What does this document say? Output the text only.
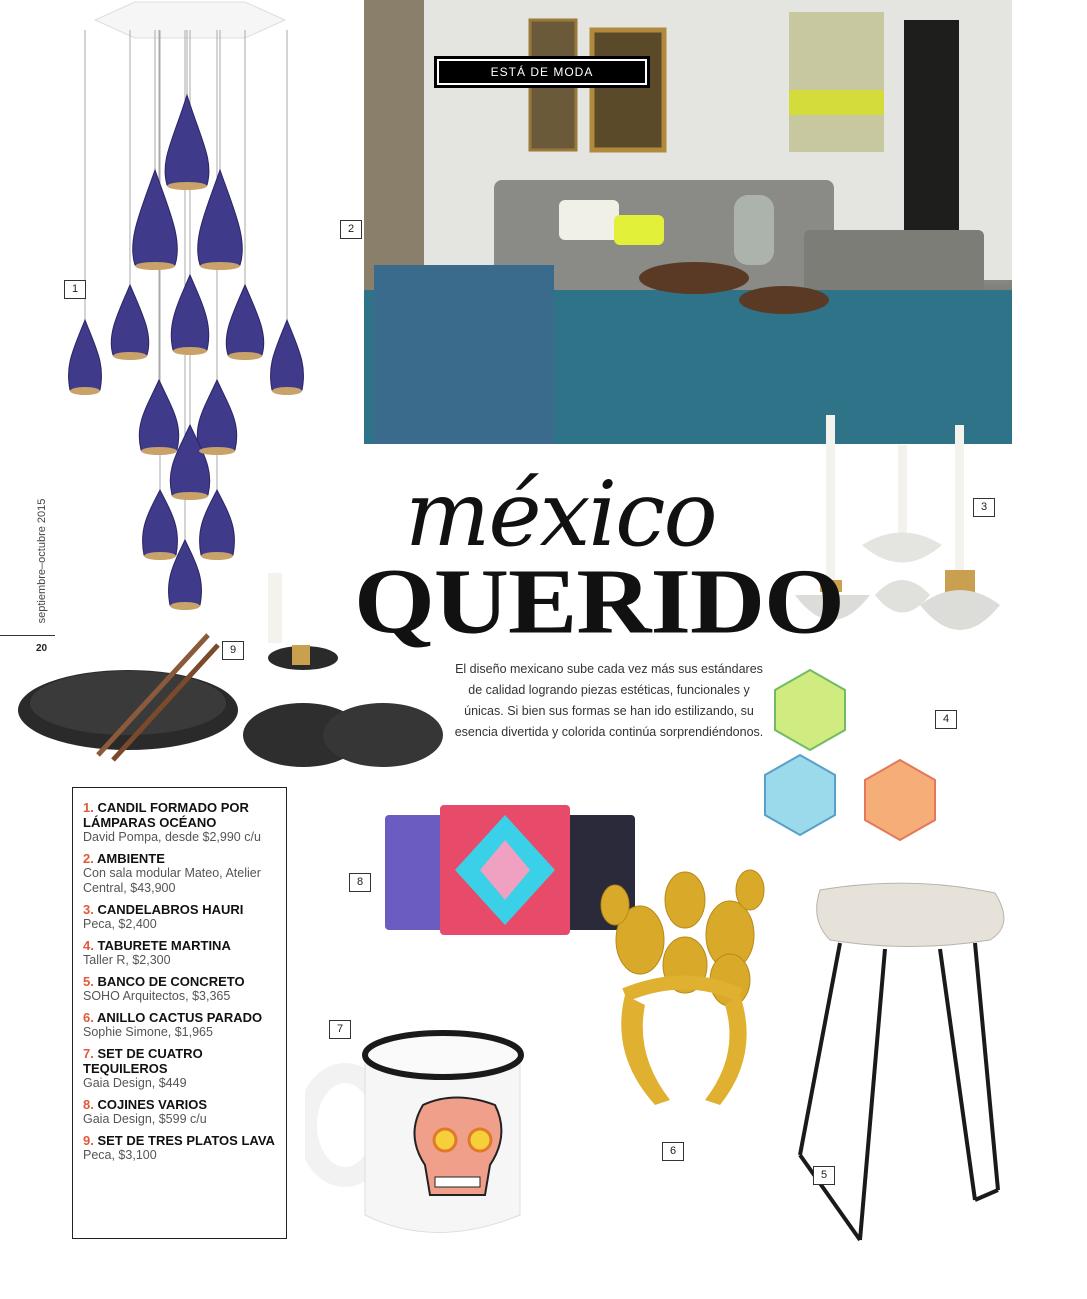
ESTÁ DE MODA
méxico
QUERIDO
El diseño mexicano sube cada vez más sus estándares de calidad logrando piezas estéticas, funcionales y únicas. Si bien sus formas se han ido estilizando, su esencia divertida y colorida continúa sorprendiéndonos.
septiembre–octubre 2015
20
1
2
3
4
5
6
7
8
9
1. CANDIL FORMADO POR LÁMPARAS OCÉANO
David Pompa, desde $2,990 c/u
2. AMBIENTE
Con sala modular Mateo, Atelier Central, $43,900
3. CANDELABROS HAURI
Peca, $2,400
4. TABURETE MARTINA
Taller R, $2,300
5. BANCO DE CONCRETO
SOHO Arquitectos, $3,365
6. ANILLO CACTUS PARADO
Sophie Simone, $1,965
7. SET DE CUATRO TEQUILEROS
Gaia Design, $449
8. COJINES VARIOS
Gaia Design, $599 c/u
9. SET DE TRES PLATOS LAVA
Peca, $3,100
